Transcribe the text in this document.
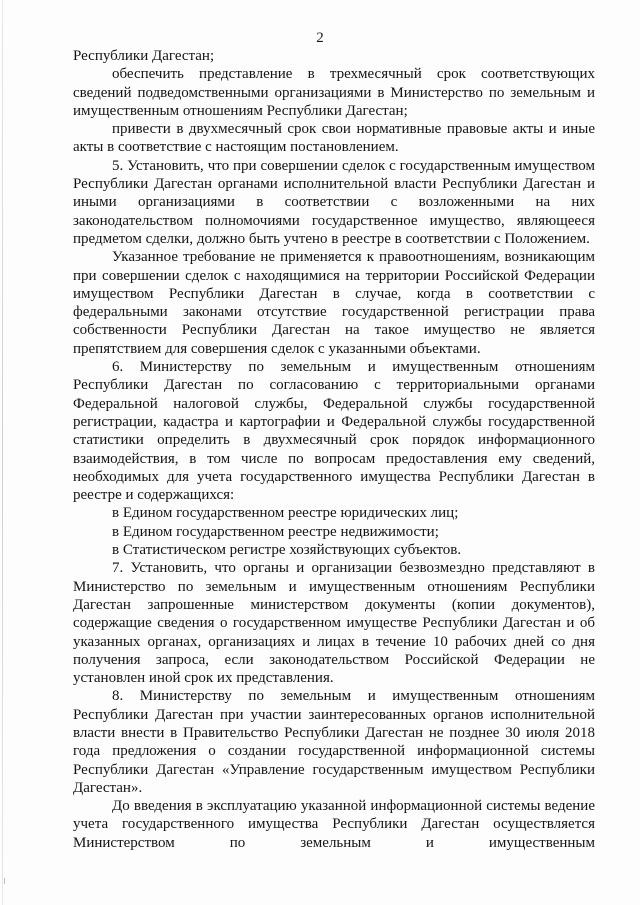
2

Республики Дагестан;

обеспечить представление в трехмесячный срок соответствующих сведений подведомственными организациями в Министерство по земельным и имущественным отношениям Республики Дагестан;

привести в двухмесячный срок свои нормативные правовые акты и иные акты в соответствие с настоящим постановлением.

5. Установить, что при совершении сделок с государственным имуществом Республики Дагестан органами исполнительной власти Республики Дагестан и иными организациями в соответствии с возложенными на них законодательством полномочиями государственное имущество, являющееся предметом сделки, должно быть учтено в реестре в соответствии с Положением.

Указанное требование не применяется к правоотношениям, возникающим при совершении сделок с находящимися на территории Российской Федерации имуществом Республики Дагестан в случае, когда в соответствии с федеральными законами отсутствие государственной регистрации права собственности Республики Дагестан на такое имущество не является препятствием для совершения сделок с указанными объектами.

6. Министерству по земельным и имущественным отношениям Республики Дагестан по согласованию с территориальными органами Федеральной налоговой службы, Федеральной службы государственной регистрации, кадастра и картографии и Федеральной службы государственной статистики определить в двухмесячный срок порядок информационного взаимодействия, в том числе по вопросам предоставления ему сведений, необходимых для учета государственного имущества Республики Дагестан в реестре и содержащихся:

в Едином государственном реестре юридических лиц;

в Едином государственном реестре недвижимости;

в Статистическом регистре хозяйствующих субъектов.

7. Установить, что органы и организации безвозмездно представляют в Министерство по земельным и имущественным отношениям Республики Дагестан запрошенные министерством документы (копии документов), содержащие сведения о государственном имуществе Республики Дагестан и об указанных органах, организациях и лицах в течение 10 рабочих дней со дня получения запроса, если законодательством Российской Федерации не установлен иной срок их представления.

8. Министерству по земельным и имущественным отношениям Республики Дагестан при участии заинтересованных органов исполнительной власти внести в Правительство Республики Дагестан не позднее 30 июля 2018 года предложения о создании государственной информационной системы Республики Дагестан «Управление государственным имуществом Республики Дагестан».

До введения в эксплуатацию указанной информационной системы ведение учета государственного имущества Республики Дагестан осуществляется Министерством по земельным и имущественным
